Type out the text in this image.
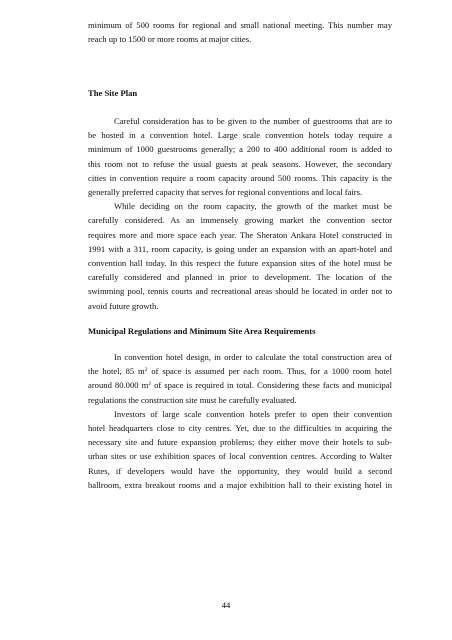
minimum of 500 rooms for regional and small national meeting. This number may
reach up to 1500 or more rooms at major cities.
The Site Plan
Careful consideration has to be given to the number of guestrooms that are to
be hosted in a convention hotel. Large scale convention hotels today require a
minimum of 1000 guestrooms generally; a 200 to 400 additional room is added to
this room not to refuse the usual guests at peak seasons. However, the secondary
cities in convention require a room capacity around 500 rooms. This capacity is the
generally preferred capacity that serves for regional conventions and local fairs.
While deciding on the room capacity, the growth of the market must be
carefully considered. As an immensely growing market the convention sector
requires more and more space each year. The Sheraton Ankara Hotel constructed in
1991 with a 311, room capacity, is going under an expansion with an apart-hotel and
convention hall today. In this respect the future expansion sites of the hotel must be
carefully considered and planned in prior to development. The location of the
swimming pool, tennis courts and recreational areas should be located in order not to
avoid future growth.
Municipal Regulations and Minimum Site Area Requirements
In convention hotel design, in order to calculate the total construction area of
the hotel, 85 $m^2$ of space is assumed per each room. Thus, for a 1000 room hotel
around 80.000 $m^2$ of space is required in total. Considering these facts and municipal
regulations the construction site must be carefully evaluated.
Investors of large scale convention hotels prefer to open their convention
hotel headquarters close to city centres. Yet, due to the difficulties in acquiring the
necessary site and future expansion problems; they either move their hotels to sub-
urban sites or use exhibition spaces of local convention centres. According to Walter
Rutes, if developers would have the opportunity, they would build a second
ballroom, extra breakout rooms and a major exhibition hall to their existing hotel in
44
